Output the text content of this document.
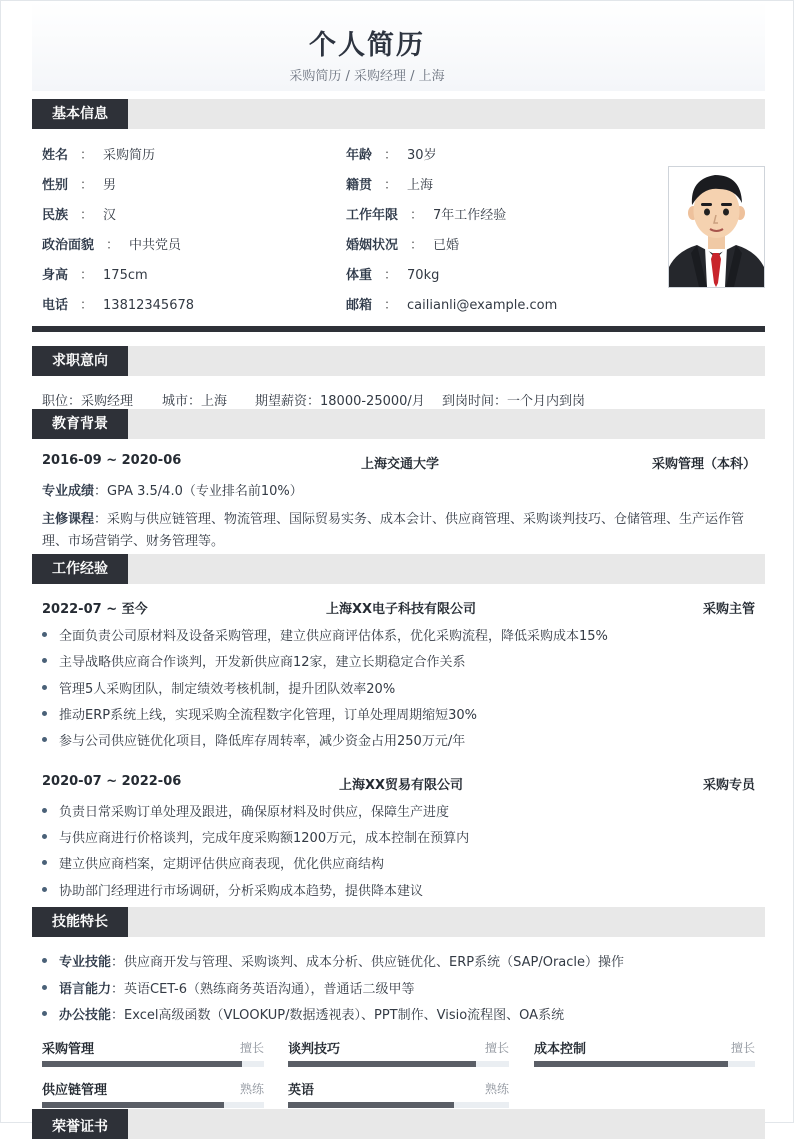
个人简历
采购简历 / 采购经理 / 上海
基本信息
姓名 ： 采购简历	年龄 ： 30岁
性别 ： 男	籍贯 ： 上海
民族 ： 汉	工作年限 ： 7年工作经验
政治面貌 ： 中共党员	婚姻状况 ： 已婚
身高 ： 175cm	体重 ： 70kg
电话 ： 13812345678	邮箱 ： cailianli@example.com
求职意向
职位：采购经理 城市：上海 期望薪资：18000-25000/月 到岗时间：一个月内到岗
教育背景
2016-09 ~ 2020-06	上海交通大学	采购管理（本科）
专业成绩：GPA 3.5/4.0（专业排名前10%）
主修课程：采购与供应链管理、物流管理、国际贸易实务、成本会计、供应商管理、采购谈判技巧、仓储管理、生产运作管
理、市场营销学、财务管理等。
工作经验
2022-07 ~ 至今	上海XX电子科技有限公司	采购主管
全面负责公司原材料及设备采购管理，建立供应商评估体系，优化采购流程，降低采购成本15%
主导战略供应商合作谈判，开发新供应商12家，建立长期稳定合作关系
管理5人采购团队，制定绩效考核机制，提升团队效率20%
推动ERP系统上线，实现采购全流程数字化管理，订单处理周期缩短30%
参与公司供应链优化项目，降低库存周转率，减少资金占用250万元/年
2020-07 ~ 2022-06	上海XX贸易有限公司	采购专员
负责日常采购订单处理及跟进，确保原材料及时供应，保障生产进度
与供应商进行价格谈判，完成年度采购额1200万元，成本控制在预算内
建立供应商档案，定期评估供应商表现，优化供应商结构
协助部门经理进行市场调研，分析采购成本趋势，提供降本建议
技能特长
专业技能：供应商开发与管理、采购谈判、成本分析、供应链优化、ERP系统（SAP/Oracle）操作
语言能力：英语CET-6（熟练商务英语沟通），普通话二级甲等
办公技能：Excel高级函数（VLOOKUP/数据透视表）、PPT制作、Visio流程图、OA系统
采购管理	擅长 谈判技巧	擅长 成本控制	擅长
供应链管理	熟练 英语	熟练
荣誉证书
